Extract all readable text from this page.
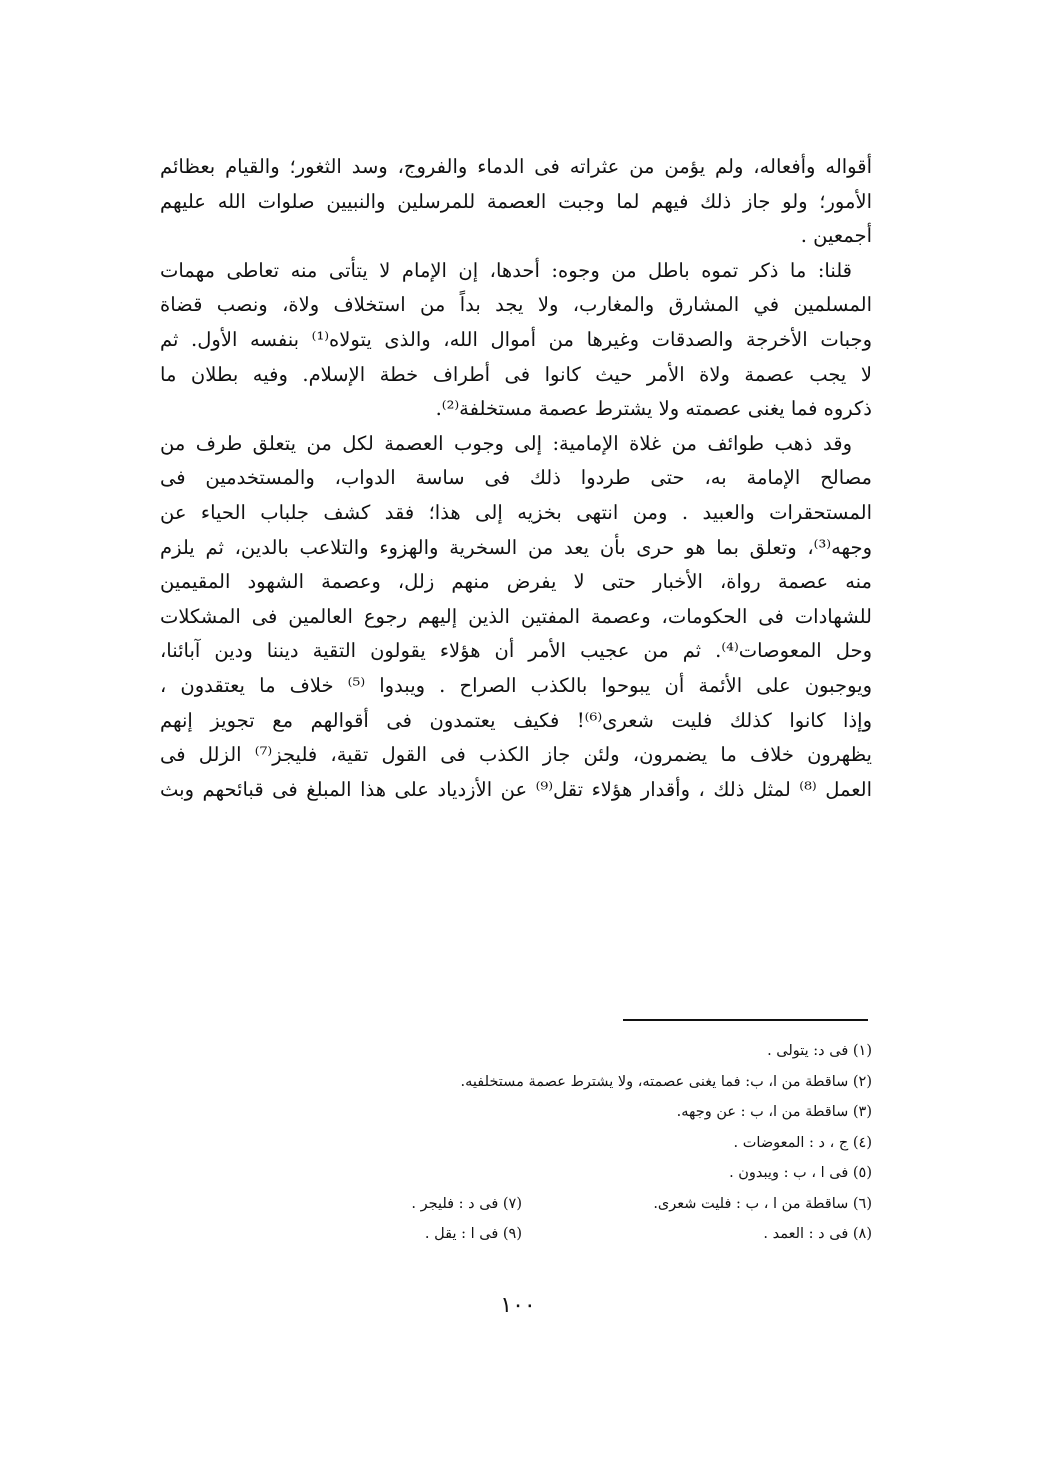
أقواله وأفعاله، ولم يؤمن من عثراته فى الدماء والفروج، وسد الثغور؛ والقيام بعظائم
الأمور؛ ولو جاز ذلك فيهم لما وجبت العصمة للمرسلين والنبيين صلوات الله عليهم
أجمعين .
قلنا: ما ذكر تموه باطل من وجوه: أحدها، إن الإمام لا يتأتى منه تعاطى مهمات
المسلمين في المشارق والمغارب، ولا يجد بداً من استخلاف ولاة، ونصب قضاة
وجبات الأخرجة والصدقات وغيرها من أموال الله، والذى يتولاه⁽¹⁾ بنفسه الأول. ثم
لا يجب عصمة ولاة الأمر حيث كانوا فى أطراف خطة الإسلام. وفيه بطلان ما
ذكروه فما يغنى عصمته ولا يشترط عصمة مستخلفة⁽²⁾.
وقد ذهب طوائف من غلاة الإمامية: إلى وجوب العصمة لكل من يتعلق طرف من
مصالح الإمامة به، حتى طردوا ذلك فى ساسة الدواب، والمستخدمين فى
المستحقرات والعبيد . ومن انتهى بخزيه إلى هذا؛ فقد كشف جلباب الحياء عن
وجهه⁽³⁾، وتعلق بما هو حرى بأن يعد من السخرية والهزوء والتلاعب بالدين، ثم يلزم
منه عصمة رواة، الأخبار حتى لا يفرض منهم زلل، وعصمة الشهود المقيمين
للشهادات فى الحكومات، وعصمة المفتين الذين إليهم رجوع العالمين فى المشكلات
وحل المعوصات⁽⁴⁾. ثم من عجيب الأمر أن هؤلاء يقولون التقية ديننا ودين آبائنا،
ويوجبون على الأئمة أن يبوحوا بالكذب الصراح . ويبدوا ⁽⁵⁾ خلاف ما يعتقدون ،
وإذا كانوا كذلك فليت شعرى⁽⁶⁾! فكيف يعتمدون فى أقوالهم مع تجويز إنهم
يظهرون خلاف ما يضمرون، ولئن جاز الكذب فى القول تقية، فليجز⁽⁷⁾ الزلل فى
العمل ⁽⁸⁾ لمثل ذلك ، وأقدار هؤلاء تقل⁽⁹⁾ عن الأزدياد على هذا المبلغ فى قبائحهم وبث
(١) فى د: يتولى .
(٢) ساقطة من ا، ب: فما يغنى عصمته، ولا يشترط عصمة مستخلفيه.
(٣) ساقطة من ا، ب : عن وجهه.
(٤) ج ، د : المعوضات .
(٥) فى ا ، ب : ويبدون .
(٦) ساقطة من ا ، ب : فليت شعرى.
(٧) فى د : فليجر .
(٨) فى د : العمد .
(٩) فى ا : يقل .
١٠٠
